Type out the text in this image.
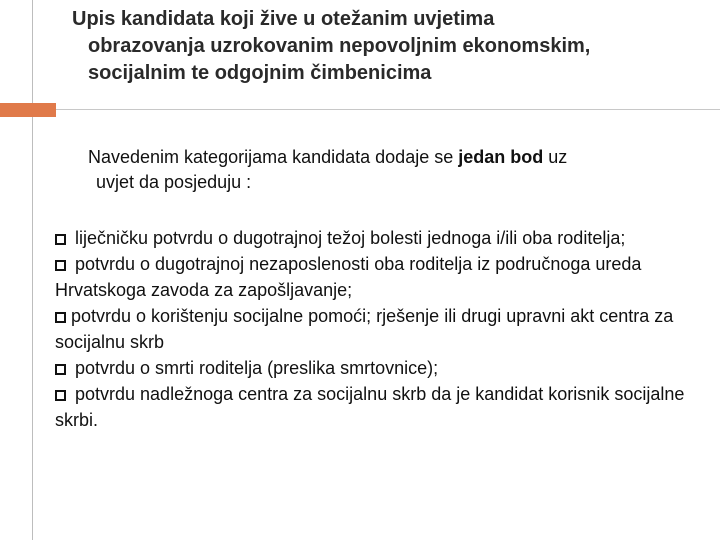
Upis kandidata koji žive u otežanim uvjetima
obrazovanja uzrokovanim nepovoljnim ekonomskim,
socijalnim te odgojnim čimbenicima

Navedenim kategorijama kandidata dodaje se jedan bod uz
uvjet da posjeduju :

liječničku potvrdu o dugotrajnoj težoj bolesti jednoga i/ili oba roditelja;
potvrdu o dugotrajnoj nezaposlenosti oba roditelja iz područnoga ureda Hrvatskoga zavoda za zapošljavanje;
potvrdu o korištenju socijalne pomoći; rješenje ili drugi upravni akt centra za socijalnu skrb
potvrdu o smrti roditelja (preslika smrtovnice);
potvrdu nadležnoga centra za socijalnu skrb da je kandidat korisnik socijalne skrbi.
